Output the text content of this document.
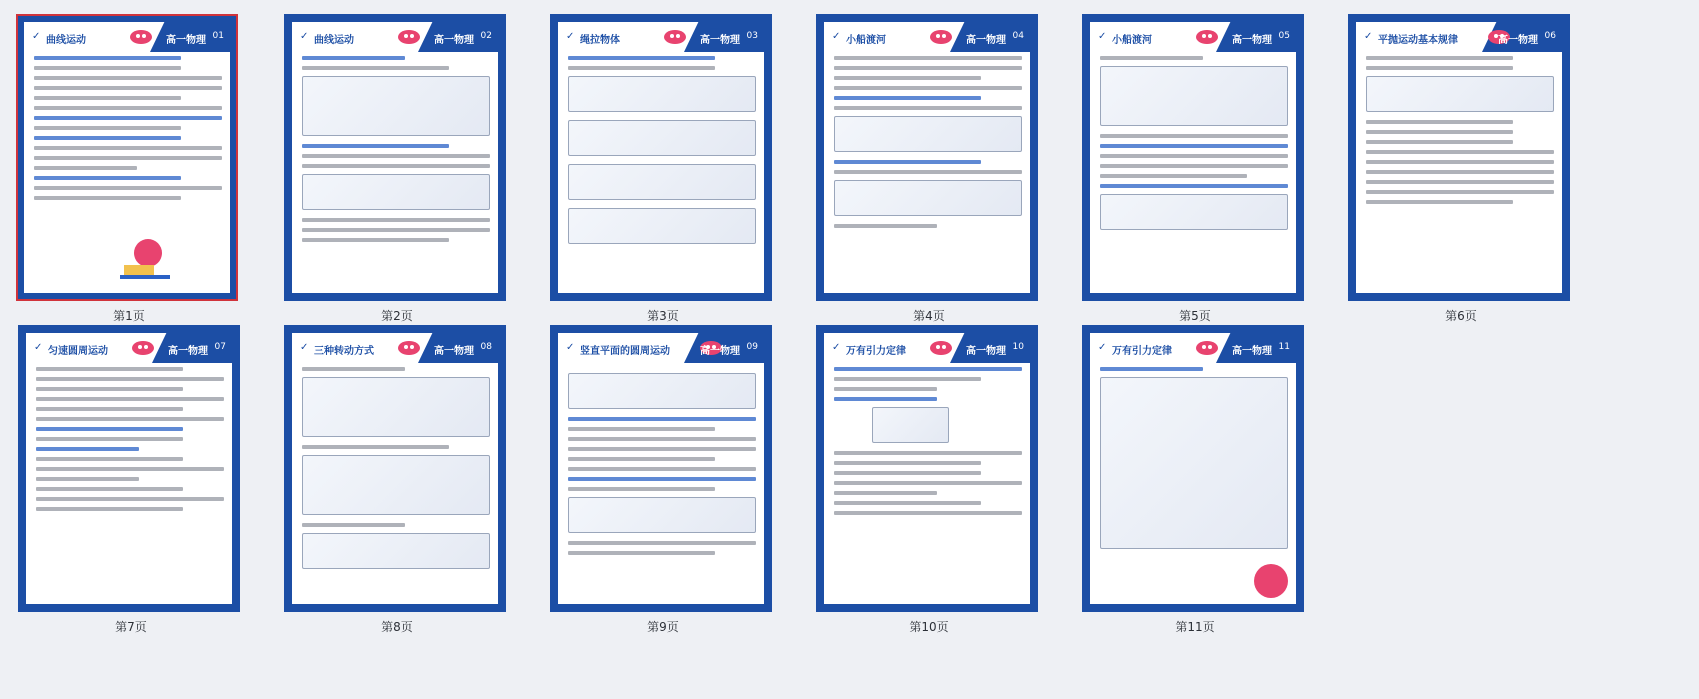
✓ 曲线运动	高一物理 01
第1页
✓ 曲线运动	高一物理 02
第2页
✓ 绳拉物体	高一物理 03
第3页
✓ 小船渡河	高一物理 04
第4页
✓ 小船渡河	高一物理 05
第5页
✓ 平抛运动基本规律	高一物理 06
第6页
✓ 匀速圆周运动	高一物理 07
第7页
✓ 三种转动方式	高一物理 08
第8页
✓ 竖直平面的圆周运动	高一物理 09
第9页
✓ 万有引力定律	高一物理 10
第10页
✓ 万有引力定律	高一物理 11
第11页
